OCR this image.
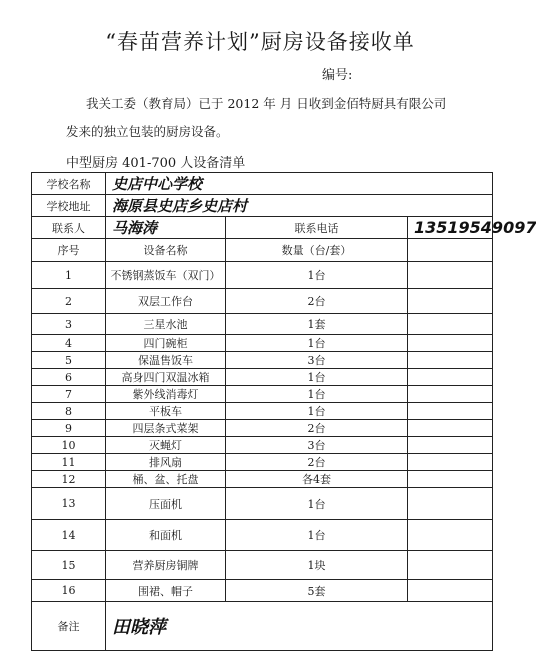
“春苗营养计划”厨房设备接收单
编号:
我关工委（教育局）已于 2012 年 月 日收到金佰特厨具有限公司
发来的独立包装的厨房设备。
中型厨房 401-700 人设备清单
学校名称	史店中心学校		
学校地址	海原县史店乡史店村		
联系人	马海涛	联系电话	13519549097
序号	设备名称	数量（台/套）	
1	不锈钢蒸饭车（双门）	1台	
2	双层工作台	2台	
3	三星水池	1套	
4	四门碗柜	1台	
5	保温售饭车	3台	
6	高身四门双温冰箱	1台	
7	紫外线消毒灯	1台	
8	平板车	1台	
9	四层条式菜架	2台	
10	灭蝇灯	3台	
11	排风扇	2台	
12	桶、盆、托盘	各4套	
13	压面机	1台	
14	和面机	1台	
15	营养厨房铜牌	1块	
16	围裙、帽子	5套	
备注	田晓萍		
